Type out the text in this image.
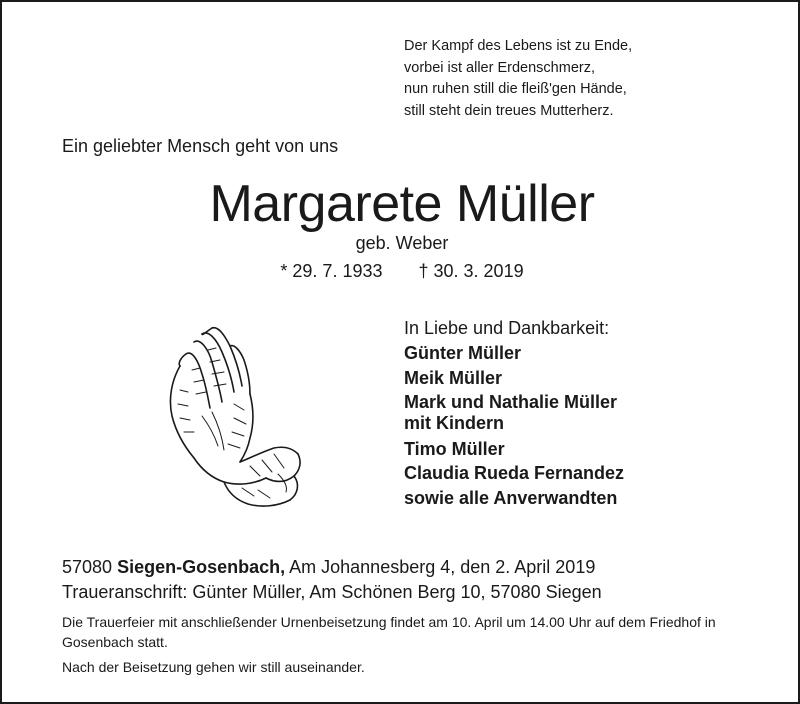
Der Kampf des Lebens ist zu Ende,
vorbei ist aller Erdenschmerz,
nun ruhen still die fleiß'gen Hände,
still steht dein treues Mutterherz.
Ein geliebter Mensch geht von uns
Margarete Müller
geb. Weber
* 29. 7. 1933 † 30. 3. 2019
In Liebe und Dankbarkeit:
Günter Müller
Meik Müller
Mark und Nathalie Müller
mit Kindern
Timo Müller
Claudia Rueda Fernandez
sowie alle Anverwandten
57080 Siegen-Gosenbach, Am Johannesberg 4, den 2. April 2019
Traueranschrift: Günter Müller, Am Schönen Berg 10, 57080 Siegen

Die Trauerfeier mit anschließender Urnenbeisetzung findet am 10. April um 14.00 Uhr auf dem Friedhof in Gosenbach statt.

Nach der Beisetzung gehen wir still auseinander.
